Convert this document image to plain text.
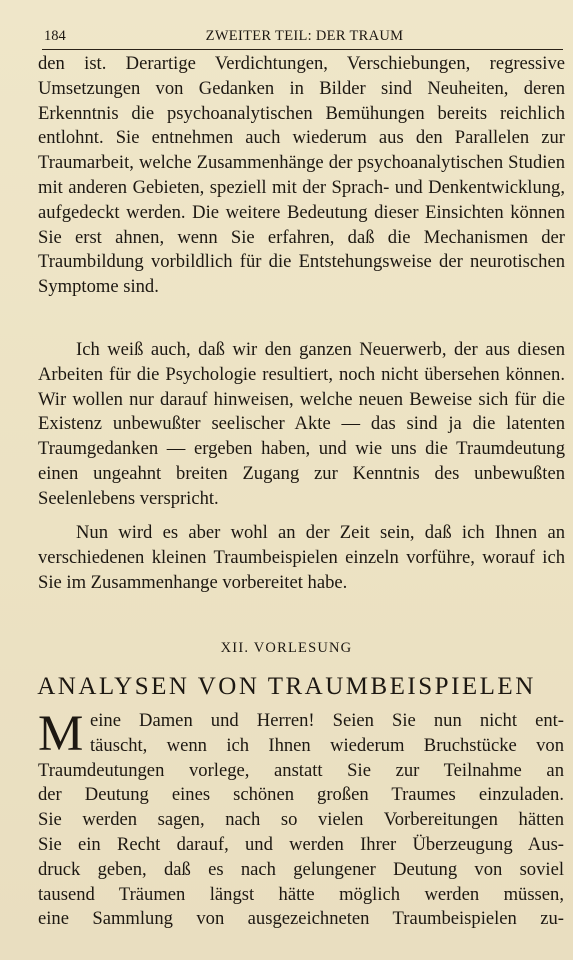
184	ZWEITER TEIL: DER TRAUM

den ist. Derartige Verdichtungen, Verschiebungen, regressive Umsetzungen von Gedanken in Bilder sind Neuheiten, deren Erkenntnis die psychoanalytischen Bemühungen bereits reichlich entlohnt. Sie entnehmen auch wiederum aus den Parallelen zur Traumarbeit, welche Zusammenhänge der psychoanalytischen Studien mit anderen Gebieten, speziell mit der Sprach- und Denkentwicklung, aufgedeckt werden. Die weitere Bedeutung dieser Einsichten können Sie erst ahnen, wenn Sie erfahren, daß die Mechanismen der Traumbildung vorbildlich für die Entstehungsweise der neurotischen Symptome sind.

Ich weiß auch, daß wir den ganzen Neuerwerb, der aus diesen Arbeiten für die Psychologie resultiert, noch nicht übersehen können. Wir wollen nur darauf hinweisen, welche neuen Beweise sich für die Existenz unbewußter seelischer Akte — das sind ja die latenten Traumgedanken — ergeben haben, und wie uns die Traumdeutung einen ungeahnt breiten Zugang zur Kenntnis des unbewußten Seelenlebens verspricht.

Nun wird es aber wohl an der Zeit sein, daß ich Ihnen an verschiedenen kleinen Traumbeispielen einzeln vorführe, worauf ich Sie im Zusammenhange vorbereitet habe.

XII. VORLESUNG
ANALYSEN VON TRAUMBEISPIELEN
M eine Damen und Herren! Seien Sie nun nicht ent-
täuscht, wenn ich Ihnen wiederum Bruchstücke von
Traumdeutungen vorlege, anstatt Sie zur Teilnahme an
der Deutung eines schönen großen Traumes einzuladen.
Sie werden sagen, nach so vielen Vorbereitungen hätten
Sie ein Recht darauf, und werden Ihrer Überzeugung Aus-
druck geben, daß es nach gelungener Deutung von soviel
tausend Träumen längst hätte möglich werden müssen,
eine Sammlung von ausgezeichneten Traumbeispielen zu-
